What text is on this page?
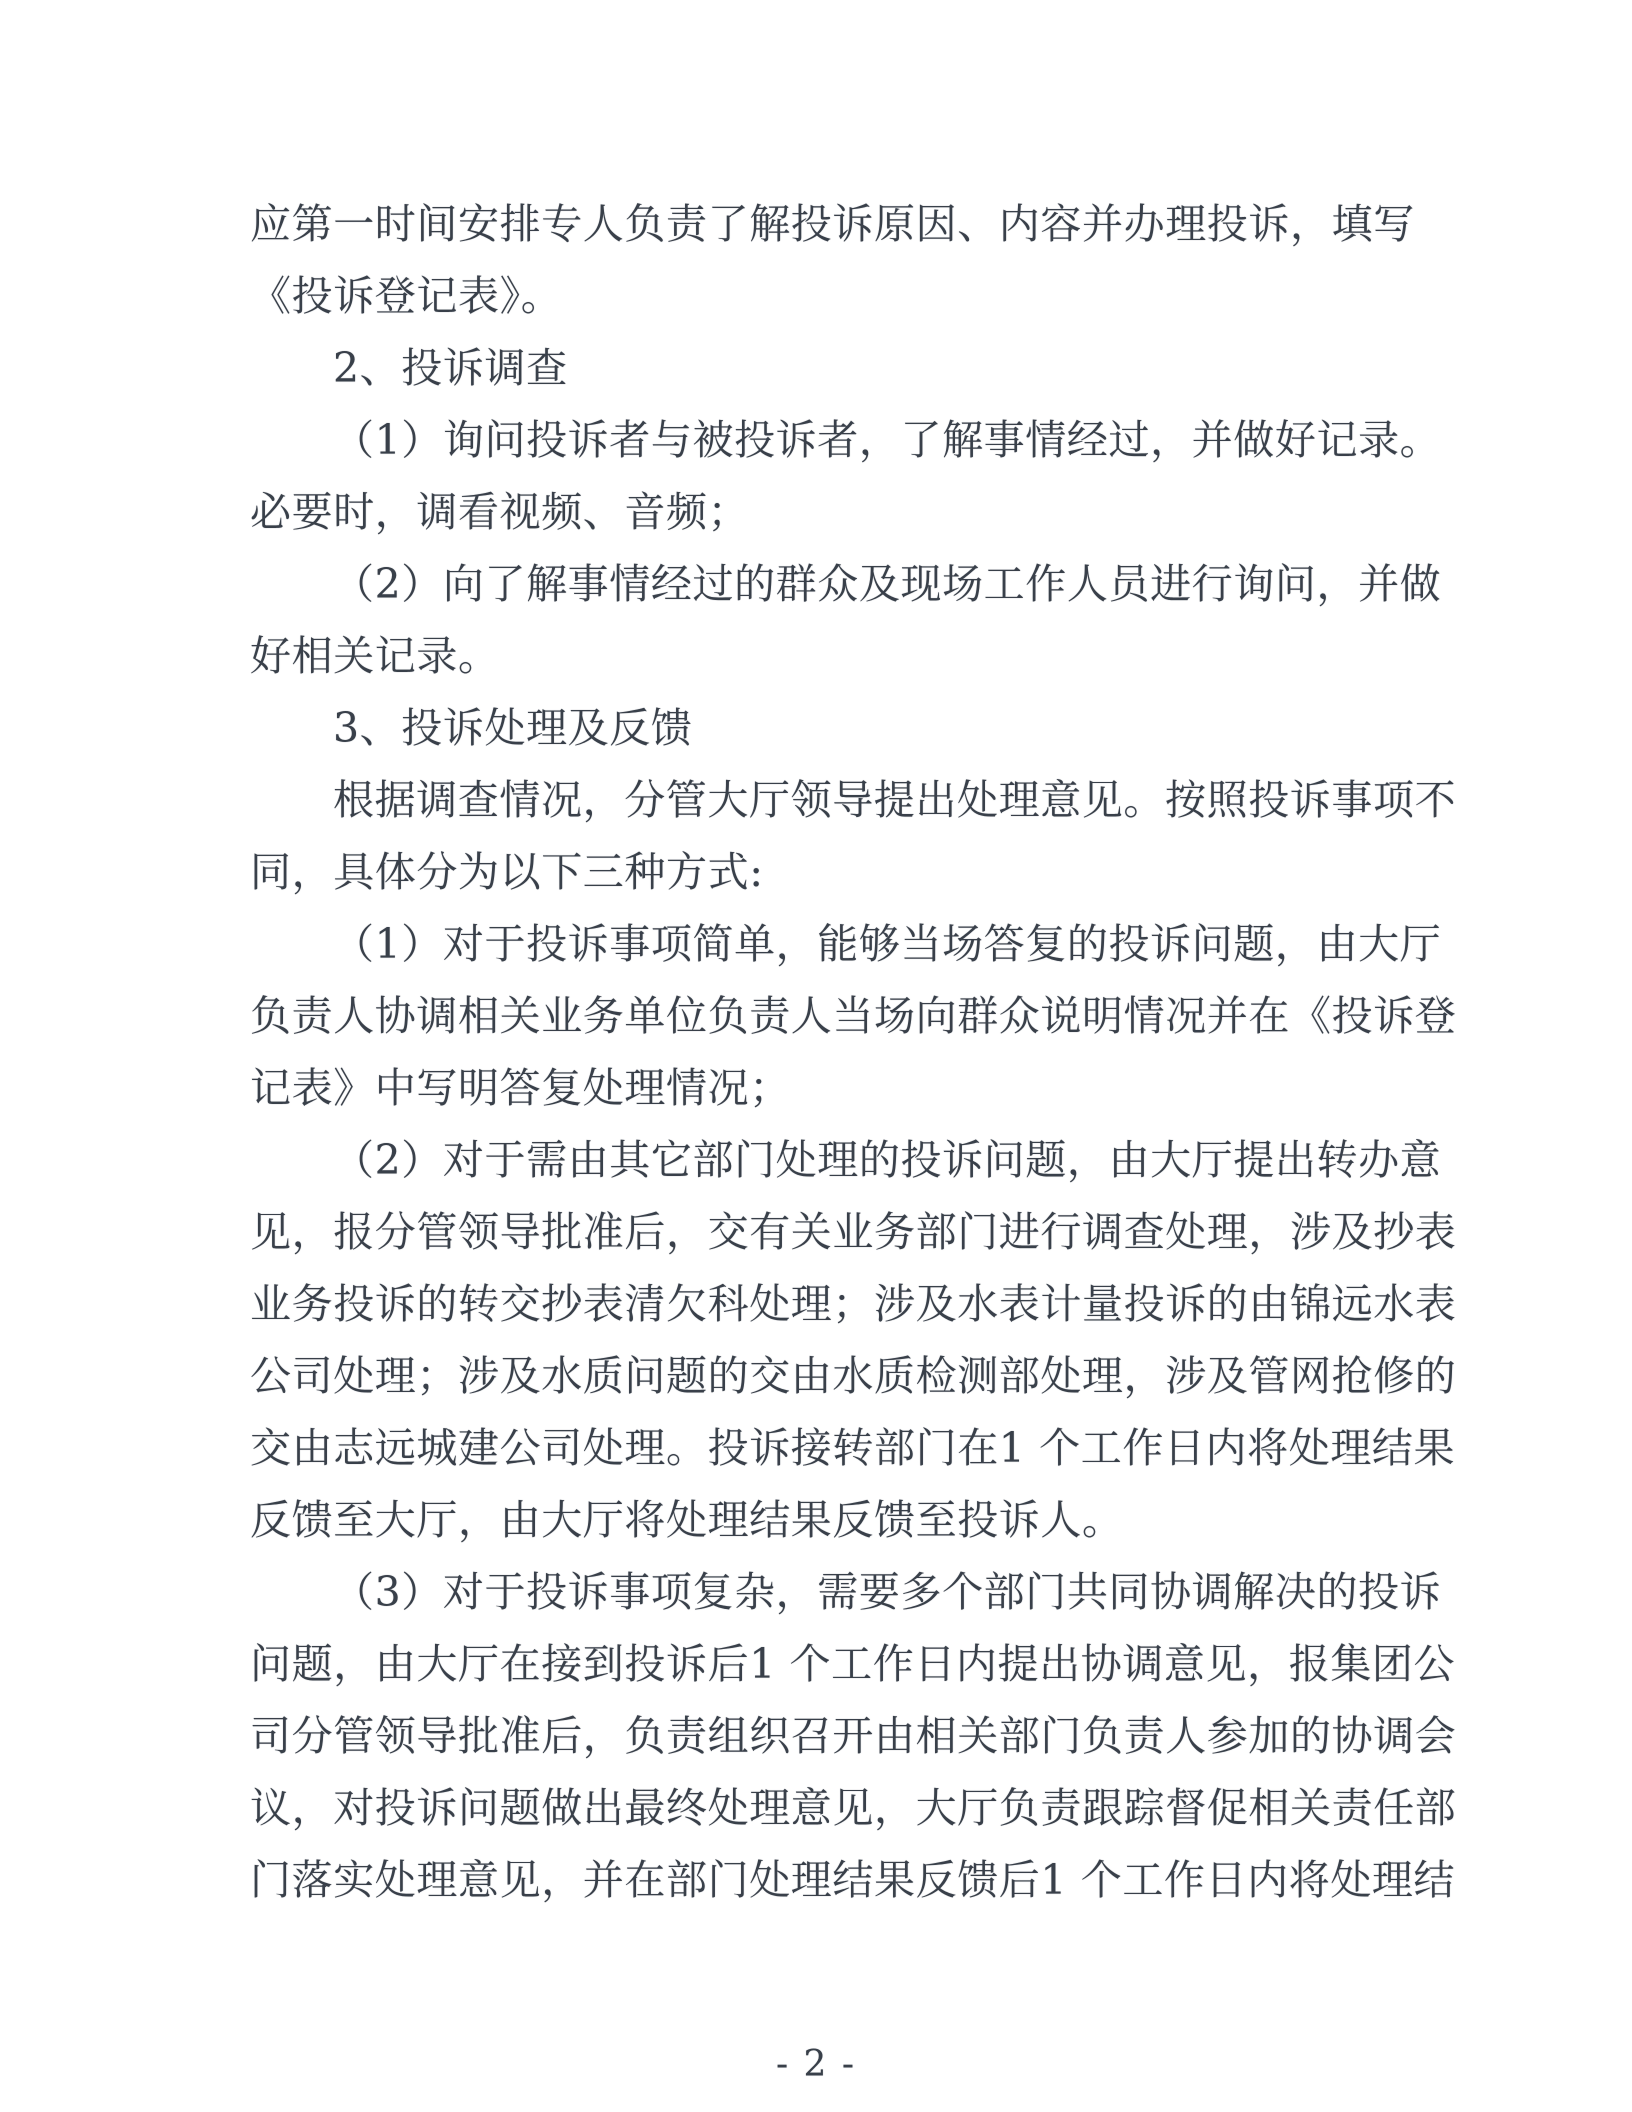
应第一时间安排专人负责了解投诉原因、内容并办理投诉，填写
《投诉登记表》。
2、投诉调查
（1）询问投诉者与被投诉者，了解事情经过，并做好记录。
必要时，调看视频、音频；
（2）向了解事情经过的群众及现场工作人员进行询问，并做
好相关记录。
3、投诉处理及反馈
根据调查情况，分管大厅领导提出处理意见。按照投诉事项不
同，具体分为以下三种方式:
（1）对于投诉事项简单，能够当场答复的投诉问题，由大厅
负责人协调相关业务单位负责人当场向群众说明情况并在《投诉登
记表》中写明答复处理情况；
（2）对于需由其它部门处理的投诉问题，由大厅提出转办意
见，报分管领导批准后，交有关业务部门进行调查处理，涉及抄表
业务投诉的转交抄表清欠科处理；涉及水表计量投诉的由锦远水表
公司处理；涉及水质问题的交由水质检测部处理，涉及管网抢修的
交由志远城建公司处理。投诉接转部门在1 个工作日内将处理结果
反馈至大厅，由大厅将处理结果反馈至投诉人。
（3）对于投诉事项复杂，需要多个部门共同协调解决的投诉
问题，由大厅在接到投诉后1 个工作日内提出协调意见，报集团公
司分管领导批准后，负责组织召开由相关部门负责人参加的协调会
议，对投诉问题做出最终处理意见，大厅负责跟踪督促相关责任部
门落实处理意见，并在部门处理结果反馈后1 个工作日内将处理结
- 2 -
